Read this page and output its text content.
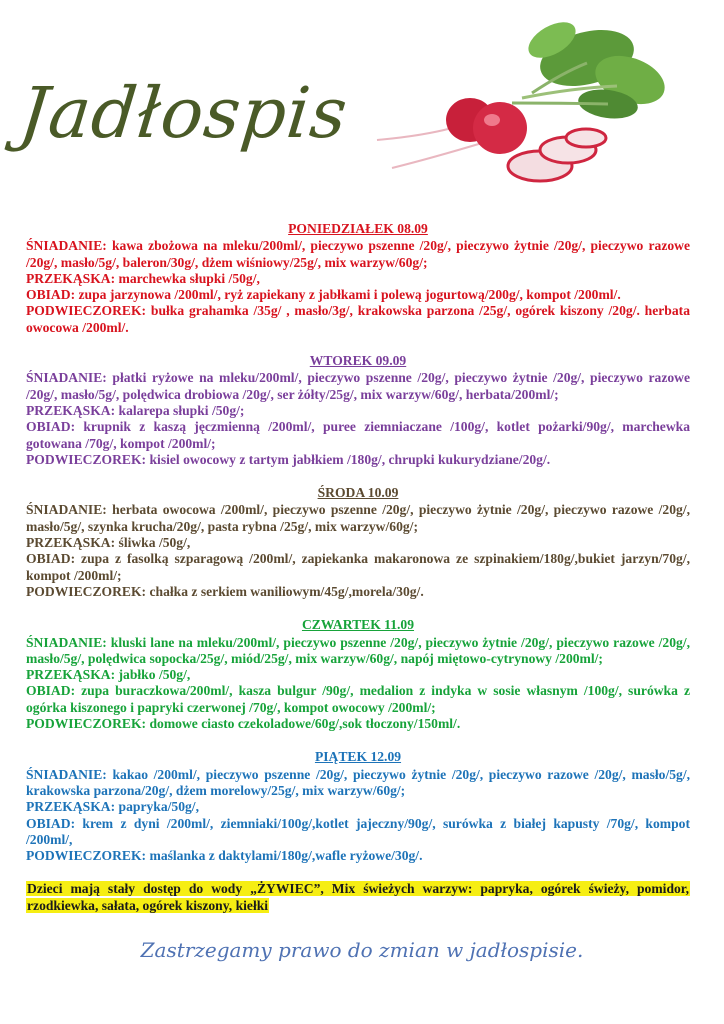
Jadłospis
PONIEDZIAŁEK 08.09
ŚNIADANIE: kawa zbożowa na mleku/200ml/, pieczywo pszenne /20g/, pieczywo żytnie /20g/, pieczywo razowe /20g/, masło/5g/, baleron/30g/, dżem wiśniowy/25g/, mix warzyw/60g/;
PRZEKĄSKA: marchewka słupki /50g/,
OBIAD: zupa jarzynowa /200ml/, ryż zapiekany z jabłkami i polewą jogurtową/200g/, kompot /200ml/.
PODWIECZOREK: bułka grahamka /35g/ , masło/3g/, krakowska parzona /25g/, ogórek kiszony /20g/. herbata owocowa /200ml/.
WTOREK 09.09
ŚNIADANIE: płatki ryżowe na mleku/200ml/, pieczywo pszenne /20g/, pieczywo żytnie /20g/, pieczywo razowe /20g/, masło/5g/, polędwica drobiowa /20g/, ser żółty/25g/, mix warzyw/60g/, herbata/200ml/;
PRZEKĄSKA: kalarepa słupki /50g/;
OBIAD: krupnik z kaszą jęczmienną /200ml/, puree ziemniaczane /100g/, kotlet pożarki/90g/, marchewka gotowana /70g/, kompot /200ml/;
PODWIECZOREK: kisiel owocowy z tartym jabłkiem /180g/, chrupki kukurydziane/20g/.
ŚRODA 10.09
ŚNIADANIE: herbata owocowa /200ml/, pieczywo pszenne /20g/, pieczywo żytnie /20g/, pieczywo razowe /20g/, masło/5g/, szynka krucha/20g/, pasta rybna /25g/, mix warzyw/60g/;
PRZEKĄSKA: śliwka /50g/,
OBIAD: zupa z fasolką szparagową /200ml/, zapiekanka makaronowa ze szpinakiem/180g/,bukiet jarzyn/70g/, kompot /200ml/;
PODWIECZOREK: chałka z serkiem waniliowym/45g/,morela/30g/.
CZWARTEK 11.09
ŚNIADANIE: kluski lane na mleku/200ml/, pieczywo pszenne /20g/, pieczywo żytnie /20g/, pieczywo razowe /20g/, masło/5g/, polędwica sopocka/25g/, miód/25g/, mix warzyw/60g/, napój miętowo-cytrynowy /200ml/;
PRZEKĄSKA: jabłko /50g/,
OBIAD: zupa buraczkowa/200ml/, kasza bulgur /90g/, medalion z indyka w sosie własnym /100g/, surówka z ogórka kiszonego i papryki czerwonej /70g/, kompot owocowy /200ml/;
PODWIECZOREK: domowe ciasto czekoladowe/60g/,sok tłoczony/150ml/.
PIĄTEK 12.09
ŚNIADANIE: kakao /200ml/, pieczywo pszenne /20g/, pieczywo żytnie /20g/, pieczywo razowe /20g/, masło/5g/, krakowska parzona/20g/, dżem morelowy/25g/, mix warzyw/60g/;
PRZEKĄSKA: papryka/50g/,
OBIAD: krem z dyni /200ml/, ziemniaki/100g/,kotlet jajeczny/90g/, surówka z białej kapusty /70g/, kompot /200ml/,
PODWIECZOREK: maślanka z daktylami/180g/,wafle ryżowe/30g/.
Dzieci mają stały dostęp do wody „ŻYWIEC”, Mix świeżych warzyw: papryka, ogórek świeży, pomidor, rzodkiewka, sałata, ogórek kiszony, kiełki
Zastrzegamy prawo do zmian w jadłospisie.
